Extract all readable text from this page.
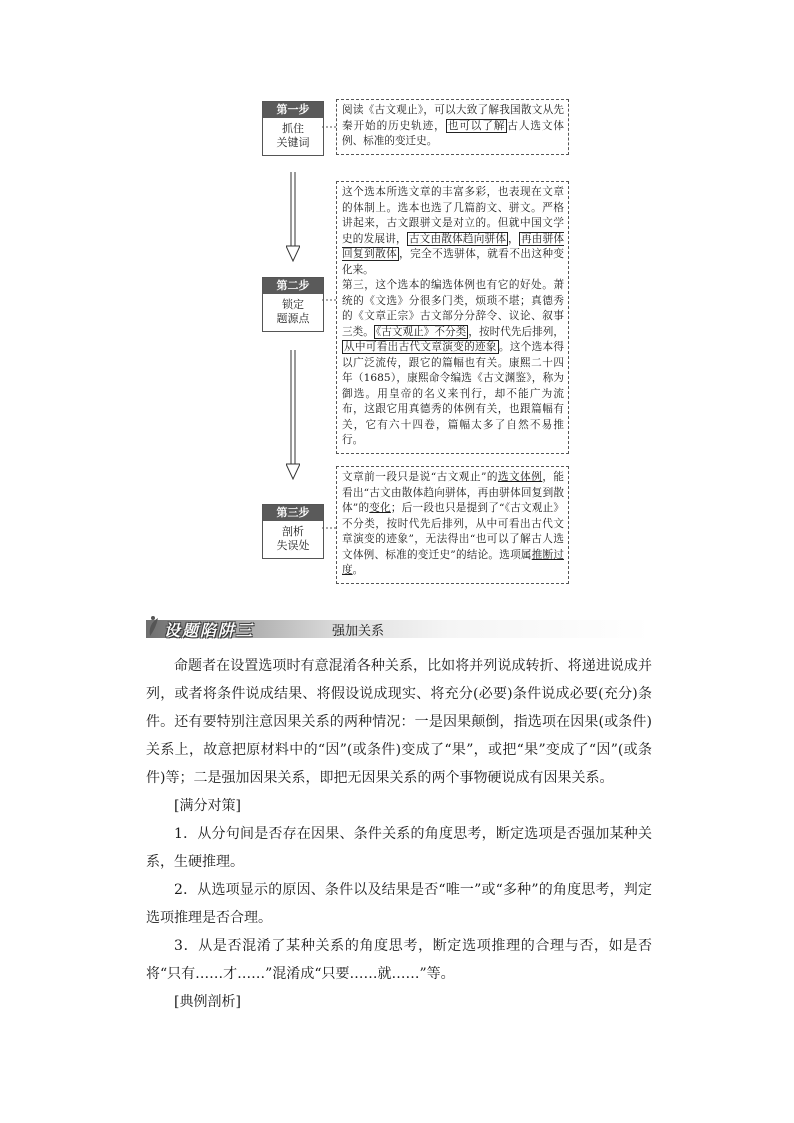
第一步
抓住
关键词
第二步
锁定
题源点
第三步
剖析
失误处

阅读《古文观止》，可以大致了解我国散文从先秦开始的历史轨迹， 也可以了解 古人选文体例、标准的变迁史。

这个选本所选文章的丰富多彩，也表现在文章的体制上。选本也选了几篇韵文、骈文。严格讲起来，古文跟骈文是对立的。但就中国文学史的发展讲， 古文由散体趋向骈体 ， 再由骈体回复到散体 ，完全不选骈体，就看不出这种变化来。

第三，这个选本的编选体例也有它的好处。萧统的《文选》分很多门类，烦琐不堪；真德秀的《文章正宗》古文部分分辞令、议论、叙事三类。 《古文观止》不分类 ，按时代先后排列，从中可看出古代文章演变的迹象 。这个选本得以广泛流传，跟它的篇幅也有关。康熙二十四年（1685），康熙命令编选《古文渊鉴》，称为御选。用皇帝的名义来刊行，却不能广为流布，这跟它用真德秀的体例有关，也跟篇幅有关，它有六十四卷，篇幅太多了自然不易推行。

文章前一段只是说“古文观止”的选文体例，能看出“古文由散体趋向骈体，再由骈体回复到散体”的变化；后一段也只是提到了“《古文观止》不分类，按时代先后排列，从中可看出古代文章演变的迹象”，无法得出“也可以了解古人选文体例、标准的变迁史”的结论。选项属推断过度。

设题陷阱三	强加关系

命题者在设置选项时有意混淆各种关系，比如将并列说成转折、将递进说成并列，或者将条件说成结果、将假设说成现实、将充分(必要)条件说成必要(充分)条件。还有要特别注意因果关系的两种情况：一是因果颠倒，指选项在因果(或条件)关系上，故意把原材料中的“因”(或条件)变成了“果”，或把“果”变成了“因”(或条件)等；二是强加因果关系，即把无因果关系的两个事物硬说成有因果关系。

[满分对策]

1．从分句间是否存在因果、条件关系的角度思考，断定选项是否强加某种关系，生硬推理。

2．从选项显示的原因、条件以及结果是否“唯一”或“多种”的角度思考，判定选项推理是否合理。

3．从是否混淆了某种关系的角度思考，断定选项推理的合理与否，如是否将“只有……才……”混淆成“只要……就……”等。

[典例剖析]
